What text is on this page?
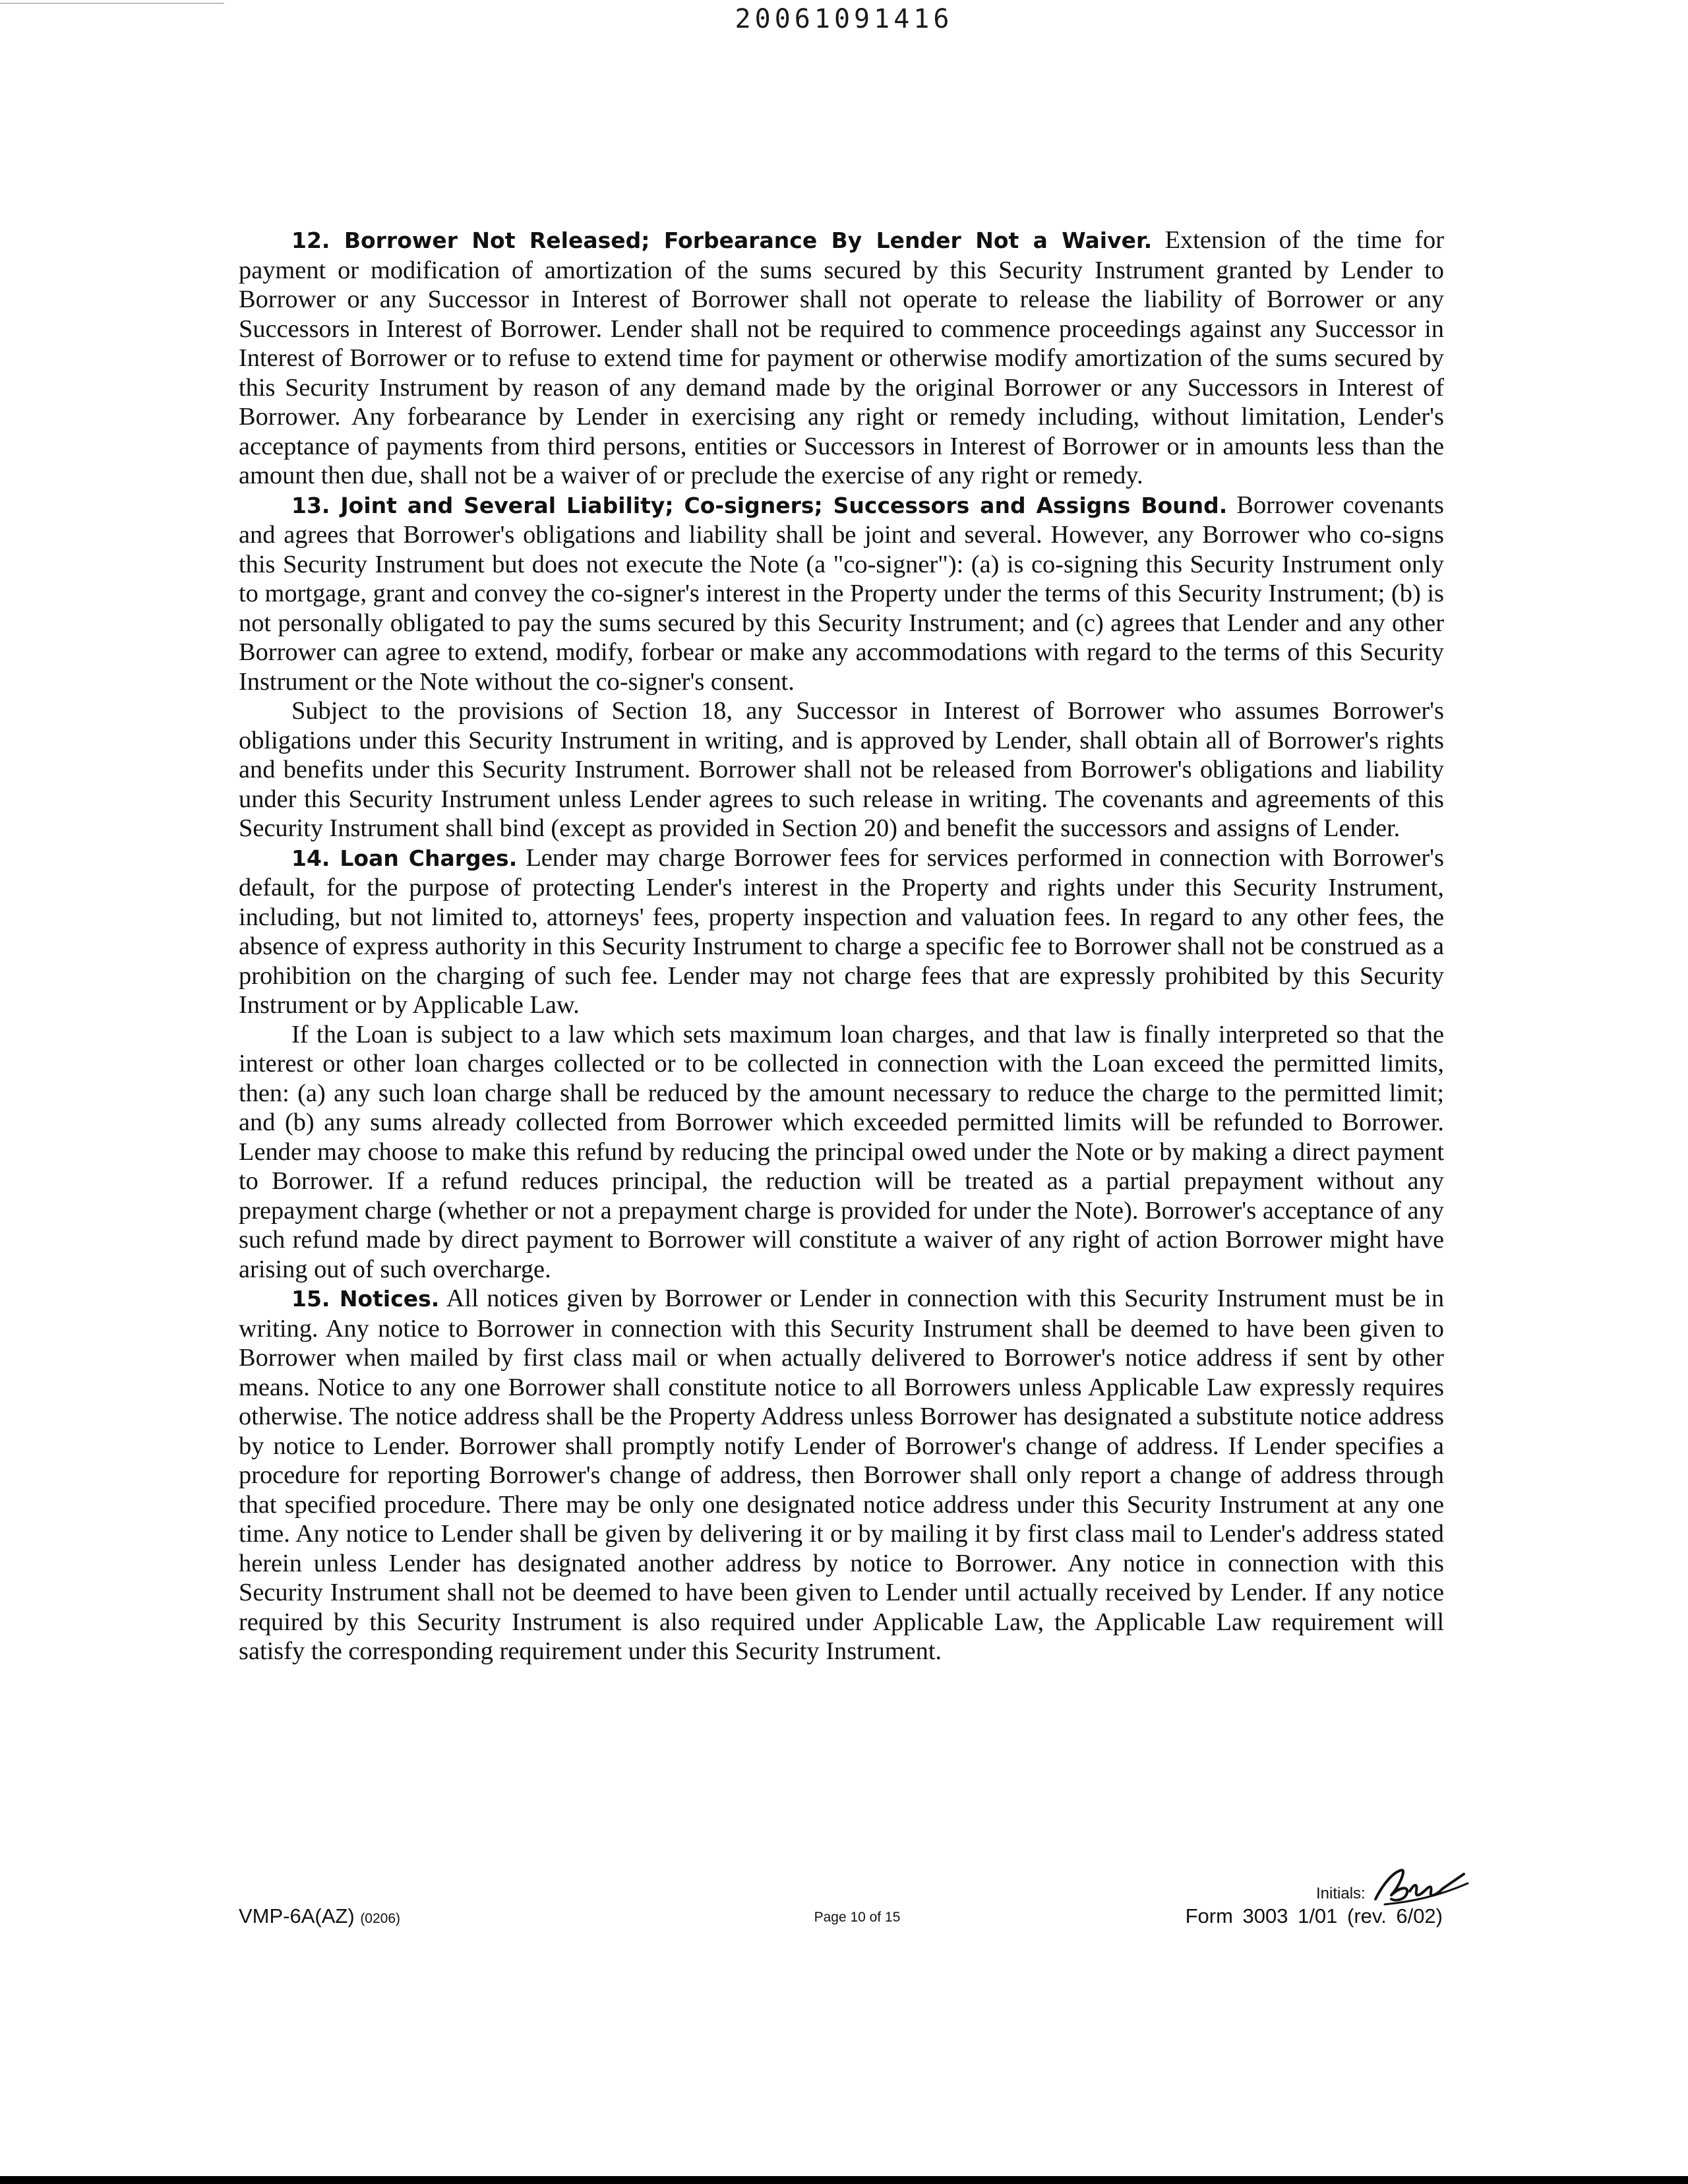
20061091416

12. Borrower Not Released; Forbearance By Lender Not a Waiver. Extension of the time for payment or modification of amortization of the sums secured by this Security Instrument granted by Lender to Borrower or any Successor in Interest of Borrower shall not operate to release the liability of Borrower or any Successors in Interest of Borrower. Lender shall not be required to commence proceedings against any Successor in Interest of Borrower or to refuse to extend time for payment or otherwise modify amortization of the sums secured by this Security Instrument by reason of any demand made by the original Borrower or any Successors in Interest of Borrower. Any forbearance by Lender in exercising any right or remedy including, without limitation, Lender's acceptance of payments from third persons, entities or Successors in Interest of Borrower or in amounts less than the amount then due, shall not be a waiver of or preclude the exercise of any right or remedy.

13. Joint and Several Liability; Co-signers; Successors and Assigns Bound. Borrower covenants and agrees that Borrower's obligations and liability shall be joint and several. However, any Borrower who co-signs this Security Instrument but does not execute the Note (a "co-signer"): (a) is co-signing this Security Instrument only to mortgage, grant and convey the co-signer's interest in the Property under the terms of this Security Instrument; (b) is not personally obligated to pay the sums secured by this Security Instrument; and (c) agrees that Lender and any other Borrower can agree to extend, modify, forbear or make any accommodations with regard to the terms of this Security Instrument or the Note without the co-signer's consent.

Subject to the provisions of Section 18, any Successor in Interest of Borrower who assumes Borrower's obligations under this Security Instrument in writing, and is approved by Lender, shall obtain all of Borrower's rights and benefits under this Security Instrument. Borrower shall not be released from Borrower's obligations and liability under this Security Instrument unless Lender agrees to such release in writing. The covenants and agreements of this Security Instrument shall bind (except as provided in Section 20) and benefit the successors and assigns of Lender.

14. Loan Charges. Lender may charge Borrower fees for services performed in connection with Borrower's default, for the purpose of protecting Lender's interest in the Property and rights under this Security Instrument, including, but not limited to, attorneys' fees, property inspection and valuation fees. In regard to any other fees, the absence of express authority in this Security Instrument to charge a specific fee to Borrower shall not be construed as a prohibition on the charging of such fee. Lender may not charge fees that are expressly prohibited by this Security Instrument or by Applicable Law.

If the Loan is subject to a law which sets maximum loan charges, and that law is finally interpreted so that the interest or other loan charges collected or to be collected in connection with the Loan exceed the permitted limits, then: (a) any such loan charge shall be reduced by the amount necessary to reduce the charge to the permitted limit; and (b) any sums already collected from Borrower which exceeded permitted limits will be refunded to Borrower. Lender may choose to make this refund by reducing the principal owed under the Note or by making a direct payment to Borrower. If a refund reduces principal, the reduction will be treated as a partial prepayment without any prepayment charge (whether or not a prepayment charge is provided for under the Note). Borrower's acceptance of any such refund made by direct payment to Borrower will constitute a waiver of any right of action Borrower might have arising out of such overcharge.

15. Notices. All notices given by Borrower or Lender in connection with this Security Instrument must be in writing. Any notice to Borrower in connection with this Security Instrument shall be deemed to have been given to Borrower when mailed by first class mail or when actually delivered to Borrower's notice address if sent by other means. Notice to any one Borrower shall constitute notice to all Borrowers unless Applicable Law expressly requires otherwise. The notice address shall be the Property Address unless Borrower has designated a substitute notice address by notice to Lender. Borrower shall promptly notify Lender of Borrower's change of address. If Lender specifies a procedure for reporting Borrower's change of address, then Borrower shall only report a change of address through that specified procedure. There may be only one designated notice address under this Security Instrument at any one time. Any notice to Lender shall be given by delivering it or by mailing it by first class mail to Lender's address stated herein unless Lender has designated another address by notice to Borrower. Any notice in connection with this Security Instrument shall not be deemed to have been given to Lender until actually received by Lender. If any notice required by this Security Instrument is also required under Applicable Law, the Applicable Law requirement will satisfy the corresponding requirement under this Security Instrument.

Initials:
VMP-6A(AZ) (0206)	Page 10 of 15	Form 3003 1/01 (rev. 6/02)
